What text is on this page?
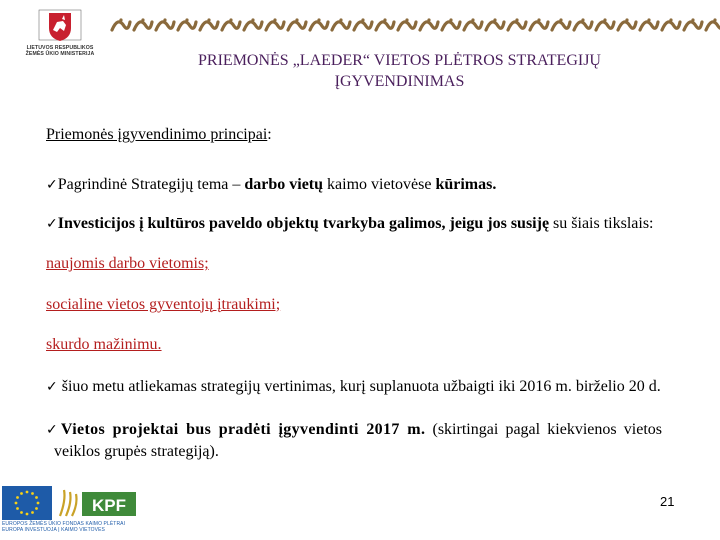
LIETUVOS RESPUBLIKOS
ŽEMĖS ŪKIO MINISTERIJA	PRIEMONĖS „LAEDER“ VIETOS PLĖTROS STRATEGIJŲ
ĮGYVENDINIMAS

Priemonės įgyvendinimo principai:

✓Pagrindinė Strategijų tema – darbo vietų kaimo vietovėse kūrimas.

✓Investicijos į kultūros paveldo objektų tvarkyba galimos, jeigu jos susiję su šiais tikslais:

naujomis darbo vietomis;

socialine vietos gyventojų įtraukimi;

skurdo mažinimu.

✓ šiuo metu atliekamas strategijų vertinimas, kurį suplanuota užbaigti iki 2016 m. birželio 20 d.

✓Vietos projektai bus pradėti įgyvendinti 2017 m. (skirtingai pagal kiekvienos vietos veiklos grupės strategiją).

KPF
EUROPOS ŽEMĖS ŪKIO FONDAS KAIMO PLĖTRAI
EUROPA INVESTUOJA Į KAIMO VIETOVES
21
